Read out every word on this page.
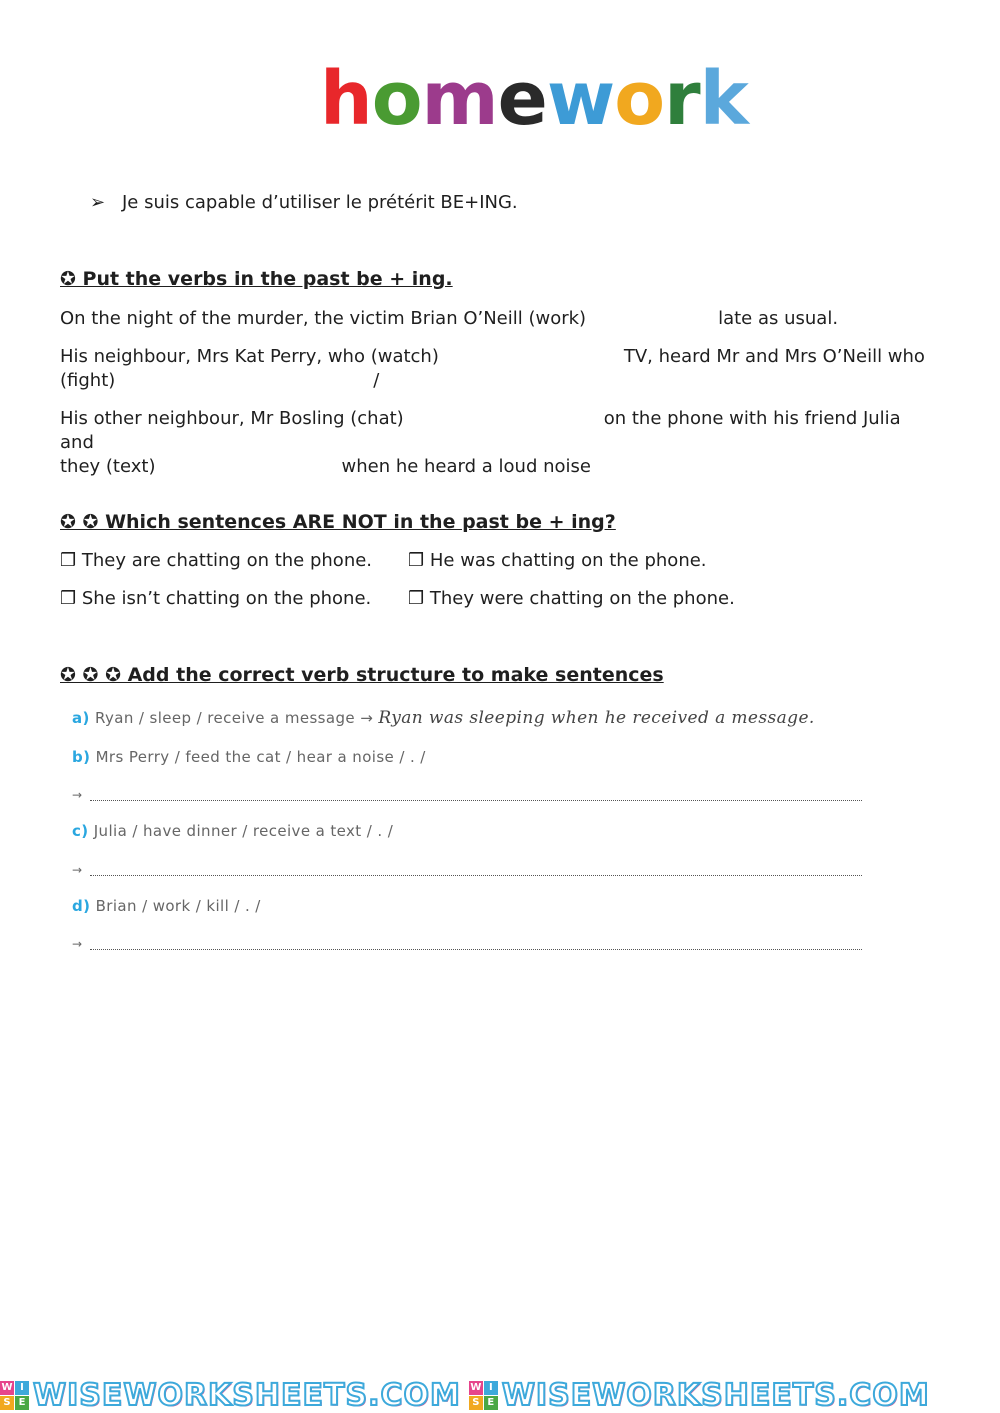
h o m e w o r k
➢ Je suis capable d’utiliser le prétérit BE+ING.
✪ Put the verbs in the past be + ing.
On the night of the murder, the victim Brian O’Neill (work)	late as usual.
His neighbour, Mrs Kat Perry, who (watch)	TV, heard Mr and Mrs O’Neill who
(fight)	/
His other neighbour, Mr Bosling (chat)	on the phone with his friend Julia and
they (text)	when he heard a loud noise
✪ ✪ Which sentences ARE NOT in the past be + ing?
❒ They are chatting on the phone. ❒ He was chatting on the phone.
❒ She isn’t chatting on the phone. ❒ They were chatting on the phone.
✪ ✪ ✪ Add the correct verb structure to make sentences
a) Ryan / sleep / receive a message → Ryan was sleeping when he received a message.
b) Mrs Perry / feed the cat / hear a noise / . /
→
c) Julia / have dinner / receive a text / . /
→
d) Brian / work / kill / . /
→
W I
S E WISEWORKSHEETS.COM W I
S E WISEWORKSHEETS.COM
